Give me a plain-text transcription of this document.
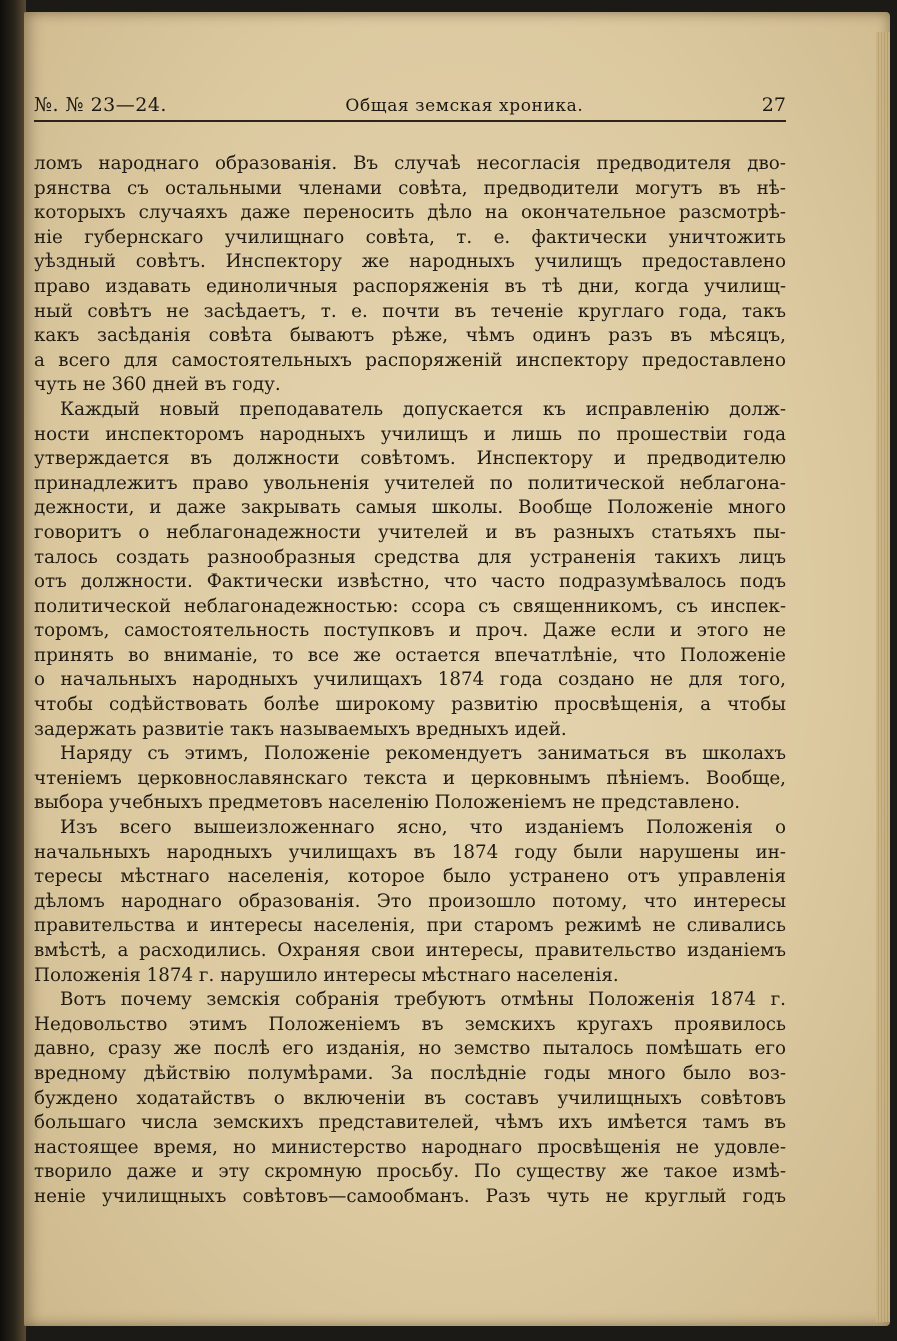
№. № 23—24.	Общая земская хроника.	27
ломъ народнаго образованія. Въ случаѣ несогласія предводителя дво-
рянства съ остальными членами совѣта, предводители могутъ въ нѣ-
которыхъ случаяхъ даже переносить дѣло на окончательное разсмотрѣ-
ніе губернскаго училищнаго совѣта, т. е. фактически уничтожить
уѣздный совѣтъ. Инспектору же народныхъ училищъ предоставлено
право издавать единоличныя распоряженія въ тѣ дни, когда училищ-
ный совѣтъ не засѣдаетъ, т. е. почти въ теченіе круглаго года, такъ
какъ засѣданія совѣта бываютъ рѣже, чѣмъ одинъ разъ въ мѣсяцъ,
а всего для самостоятельныхъ распоряженій инспектору предоставлено
чуть не 360 дней въ году.
Каждый новый преподаватель допускается къ исправленію долж-
ности инспекторомъ народныхъ училищъ и лишь по прошествіи года
утверждается въ должности совѣтомъ. Инспектору и предводителю
принадлежитъ право увольненія учителей по политической неблагона-
дежности, и даже закрывать самыя школы. Вообще Положеніе много
говоритъ о неблагонадежности учителей и въ разныхъ статьяхъ пы-
талось создать разнообразныя средства для устраненія такихъ лицъ
отъ должности. Фактически извѣстно, что часто подразумѣвалось подъ
политической неблагонадежностью: ссора съ священникомъ, съ инспек-
торомъ, самостоятельность поступковъ и проч. Даже если и этого не
принять во вниманіе, то все же остается впечатлѣніе, что Положеніе
о начальныхъ народныхъ училищахъ 1874 года создано не для того,
чтобы содѣйствовать болѣе широкому развитію просвѣщенія, а чтобы
задержать развитіе такъ называемыхъ вредныхъ идей.
Наряду съ этимъ, Положеніе рекомендуетъ заниматься въ школахъ
чтеніемъ церковнославянскаго текста и церковнымъ пѣніемъ. Вообще,
выбора учебныхъ предметовъ населенію Положеніемъ не представлено.
Изъ всего вышеизложеннаго ясно, что изданіемъ Положенія о
начальныхъ народныхъ училищахъ въ 1874 году были нарушены ин-
тересы мѣстнаго населенія, которое было устранено отъ управленія
дѣломъ народнаго образованія. Это произошло потому, что интересы
правительства и интересы населенія, при старомъ режимѣ не сливались
вмѣстѣ, а расходились. Охраняя свои интересы, правительство изданіемъ
Положенія 1874 г. нарушило интересы мѣстнаго населенія.
Вотъ почему земскія собранія требуютъ отмѣны Положенія 1874 г.
Недовольство этимъ Положеніемъ въ земскихъ кругахъ проявилось
давно, сразу же послѣ его изданія, но земство пыталось помѣшать его
вредному дѣйствію полумѣрами. За послѣдніе годы много было воз-
буждено ходатайствъ о включеніи въ составъ училищныхъ совѣтовъ
большаго числа земскихъ представителей, чѣмъ ихъ имѣется тамъ въ
настоящее время, но министерство народнаго просвѣщенія не удовле-
творило даже и эту скромную просьбу. По существу же такое измѣ-
неніе училищныхъ совѣтовъ—самообманъ. Разъ чуть не круглый годъ
